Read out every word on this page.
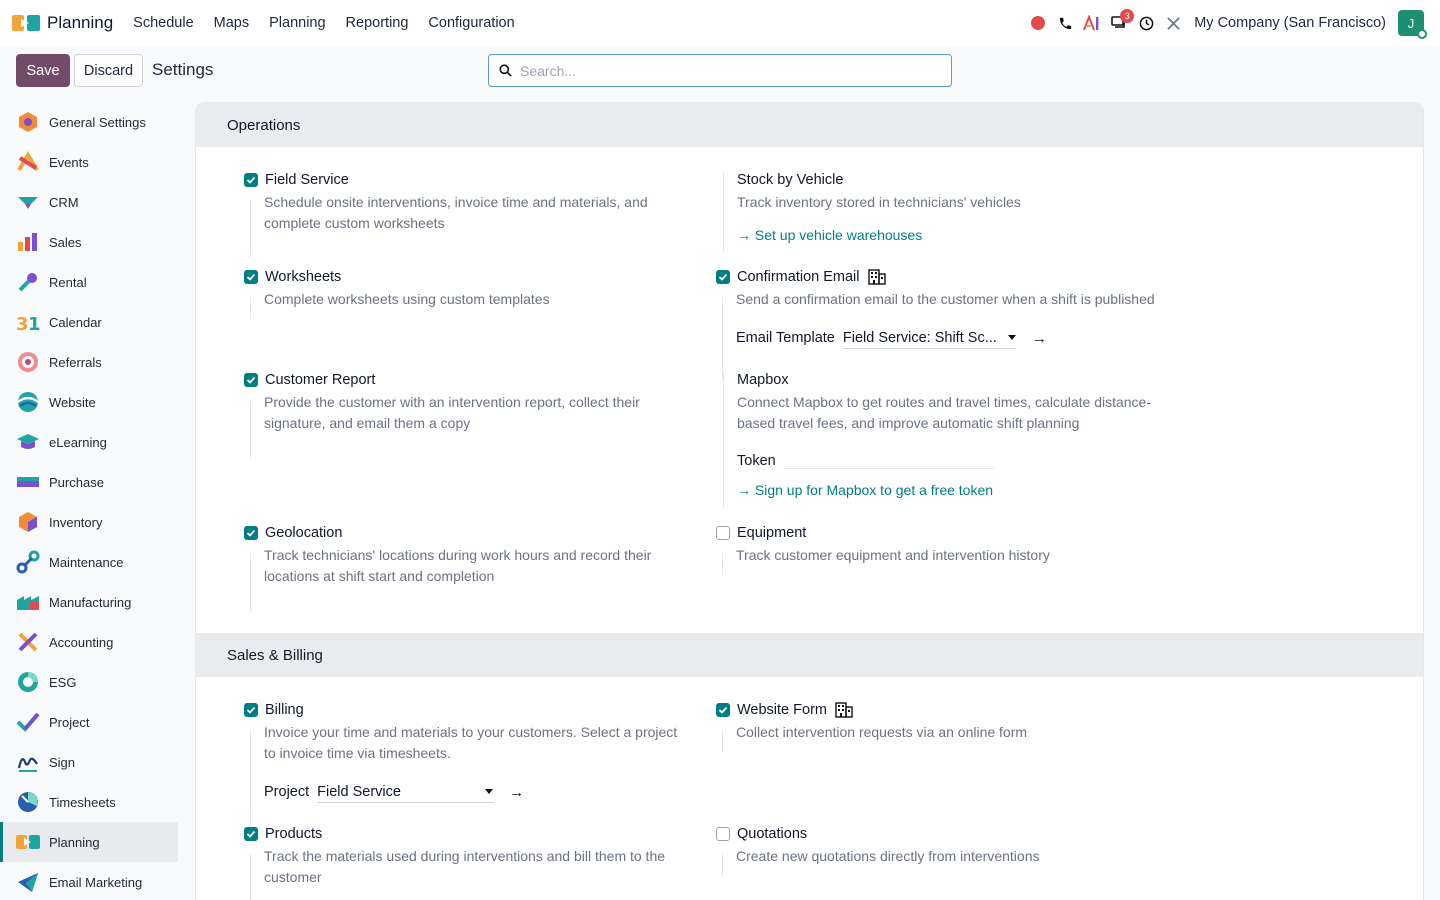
Planning	Schedule	Maps	Planning	Reporting	Configuration	3	My Company (San Francisco) J
Save	Discard	Settings
Search...
General Settings
Events
CRM
Sales
Rental
3 1 Calendar
Referrals
Website
eLearning
Purchase
Inventory
Maintenance
Manufacturing
Accounting
ESG
Project
Sign
Timesheets
Planning
Email Marketing
Operations
Field Service
Schedule onsite interventions, invoice time and materials, and complete custom worksheets
Stock by Vehicle
Track inventory stored in technicians' vehicles
→ Set up vehicle warehouses
Worksheets
Complete worksheets using custom templates
Confirmation Email
Send a confirmation email to the customer when a shift is published
Email Template Field Service: Shift Sc... →
Customer Report
Provide the customer with an intervention report, collect their signature, and email them a copy
Mapbox
Connect Mapbox to get routes and travel times, calculate distance-based travel fees, and improve automatic shift planning
Token
→ Sign up for Mapbox to get a free token
Geolocation
Track technicians' locations during work hours and record their locations at shift start and completion
Equipment
Track customer equipment and intervention history
Sales & Billing
Billing
Invoice your time and materials to your customers. Select a project to invoice time via timesheets.
Project Field Service	→
Website Form
Collect intervention requests via an online form
Products
Track the materials used during interventions and bill them to the customer
Quotations
Create new quotations directly from interventions
